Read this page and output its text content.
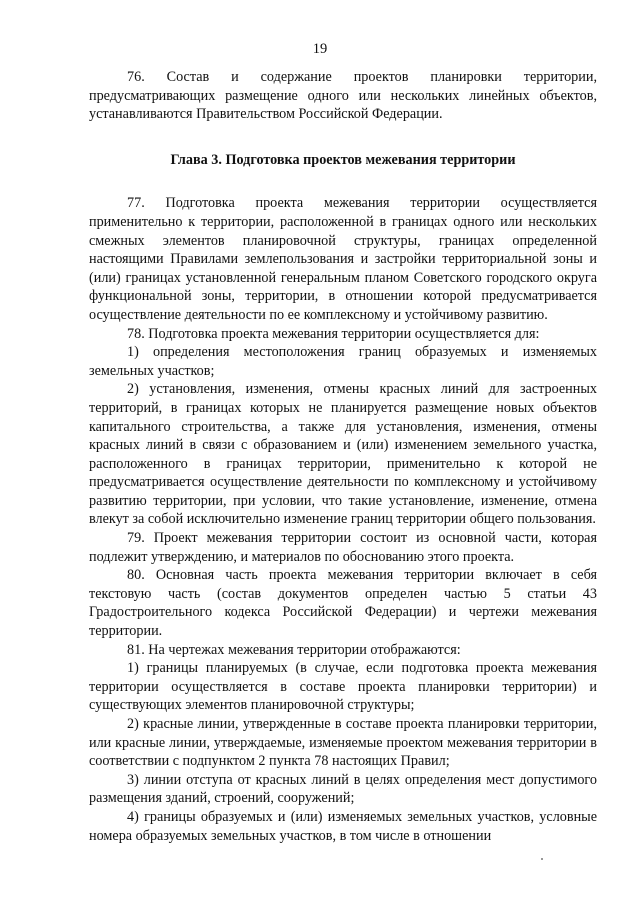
19

76. Состав и содержание проектов планировки территории, предусматривающих размещение одного или нескольких линейных объектов, устанавливаются Правительством Российской Федерации.

Глава 3. Подготовка проектов межевания территории

77. Подготовка проекта межевания территории осуществляется применительно к территории, расположенной в границах одного или нескольких смежных элементов планировочной структуры, границах определенной настоящими Правилами землепользования и застройки территориальной зоны и (или) границах установленной генеральным планом Советского городского округа функциональной зоны, территории, в отношении которой предусматривается осуществление деятельности по ее комплексному и устойчивому развитию.

78. Подготовка проекта межевания территории осуществляется для:

1) определения местоположения границ образуемых и изменяемых земельных участков;

2) установления, изменения, отмены красных линий для застроенных территорий, в границах которых не планируется размещение новых объектов капитального строительства, а также для установления, изменения, отмены красных линий в связи с образованием и (или) изменением земельного участка, расположенного в границах территории, применительно к которой не предусматривается осуществление деятельности по комплексному и устойчивому развитию территории, при условии, что такие установление, изменение, отмена влекут за собой исключительно изменение границ территории общего пользования.

79. Проект межевания территории состоит из основной части, которая подлежит утверждению, и материалов по обоснованию этого проекта.

80. Основная часть проекта межевания территории включает в себя текстовую часть (состав документов определен частью 5 статьи 43 Градостроительного кодекса Российской Федерации) и чертежи межевания территории.

81. На чертежах межевания территории отображаются:

1) границы планируемых (в случае, если подготовка проекта межевания территории осуществляется в составе проекта планировки территории) и существующих элементов планировочной структуры;

2) красные линии, утвержденные в составе проекта планировки территории, или красные линии, утверждаемые, изменяемые проектом межевания территории в соответствии с подпунктом 2 пункта 78 настоящих Правил;

3) линии отступа от красных линий в целях определения мест допустимого размещения зданий, строений, сооружений;

4) границы образуемых и (или) изменяемых земельных участков, условные номера образуемых земельных участков, в том числе в отношении
